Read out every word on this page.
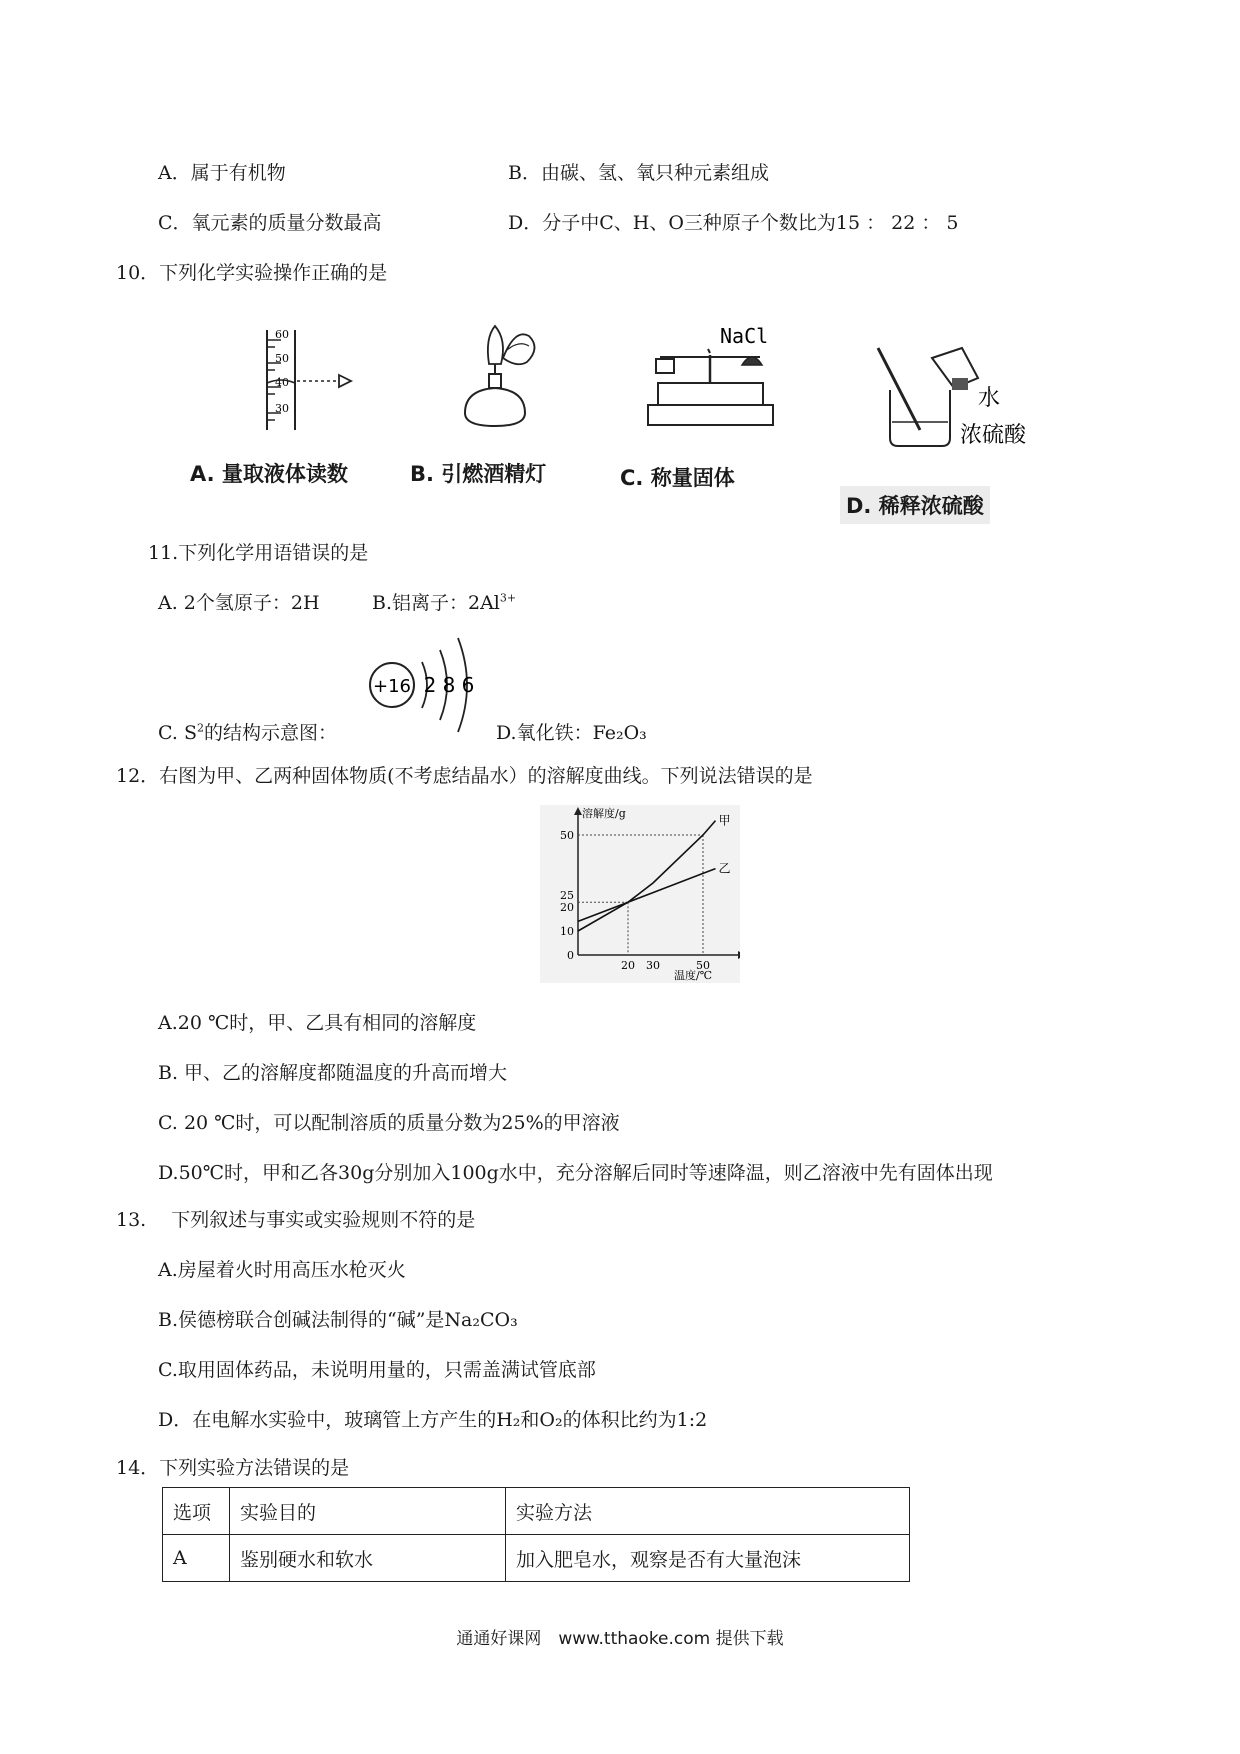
A．属于有机物	B．由碳、氢、氧只种元素组成
C．氧元素的质量分数最高	D．分子中C、H、O三种原子个数比为15 ： 22 ： 5
10．下列化学实验操作正确的是
60
50
40
30
NaCl
水
浓硫酸
A. 量取液体读数	B. 引燃酒精灯	C. 称量固体
D. 稀释浓硫酸
11.下列化学用语错误的是
A. 2个氢原子：2H	B.铝离子：$2Al^{3+}$
+16 2 8 6
C. $S^2$的结构示意图：	D.氧化铁：Fe₂O₃
12．右图为甲、乙两种固体物质(不考虑结晶水）的溶解度曲线。下列说法错误的是
溶解度/g
温度/℃
50
25
20
10
0
20 30	50
甲
乙
A.20 ℃时，甲、乙具有相同的溶解度
B. 甲、乙的溶解度都随温度的升高而增大
C. 20 ℃时，可以配制溶质的质量分数为25%的甲溶液
D.50℃时，甲和乙各30g分别加入100g水中，充分溶解后同时等速降温，则乙溶液中先有固体出现
13.　 下列叙述与事实或实验规则不符的是
A.房屋着火时用高压水枪灭火
B.侯德榜联合创碱法制得的“碱”是Na₂CO₃
C.取用固体药品，未说明用量的，只需盖满试管底部
D．在电解水实验中，玻璃管上方产生的H₂和O₂的体积比约为1:2
14．下列实验方法错误的是
选项	实验目的	实验方法
A	鉴别硬水和软水	加入肥皂水，观察是否有大量泡沫
通通好课网　www.tthaoke.com 提供下载
